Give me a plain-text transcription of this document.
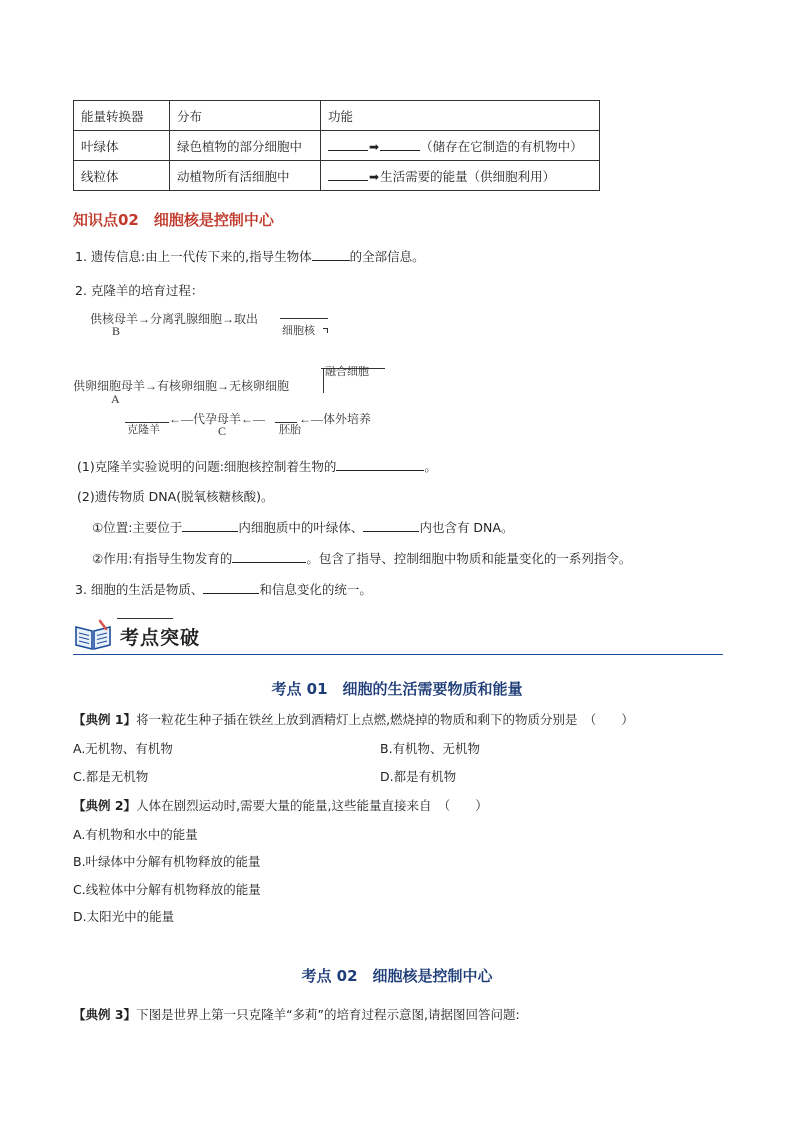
能量转换器	分布	功能
叶绿体	绿色植物的部分细胞中	➡ （储存在它制造的有机物中）
线粒体	动植物所有活细胞中	➡生活需要的能量（供细胞利用）
知识点02　细胞核是控制中心
1. 遗传信息:由上一代传下来的,指导生物体	的全部信息。
2. 克隆羊的培育过程：
供核母羊→分离乳腺细胞→取出
细胞核
B
供卵细胞母羊→有核卵细胞→无核卵细胞
融合细胞
A
←—代孕母羊←—	←—体外培养
克隆羊	C	胚胎
(1)克隆羊实验说明的问题:细胞核控制着生物的	。
(2)遗传物质 DNA(脱氧核糖核酸)。
①位置:主要位于	内细胞质中的叶绿体、	内也含有 DNA。
②作用:有指导生物发育的	。包含了指导、控制细胞中物质和能量变化的一系列指令。
3. 细胞的生活是物质、	和信息变化的统一。
考点突破
考点 01　细胞的生活需要物质和能量
【典例 1】将一粒花生种子插在铁丝上放到酒精灯上点燃,燃烧掉的物质和剩下的物质分别是　（　　）
A.无机物、有机物	B.有机物、无机物
C.都是无机物	D.都是有机物
【典例 2】人体在剧烈运动时,需要大量的能量,这些能量直接来自　（　　）
A.有机物和水中的能量
B.叶绿体中分解有机物释放的能量
C.线粒体中分解有机物释放的能量
D.太阳光中的能量
考点 02　细胞核是控制中心
【典例 3】下图是世界上第一只克隆羊“多莉”的培育过程示意图,请据图回答问题:
